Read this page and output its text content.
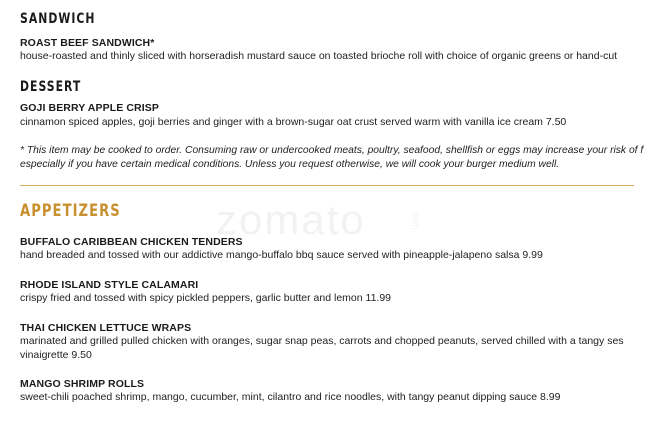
zomato	.com
SANDWICH
ROAST BEEF SANDWICH*
house-roasted and thinly sliced with horseradish mustard sauce on toasted brioche roll with choice of organic greens or hand-cut
DESSERT
GOJI BERRY APPLE CRISP
cinnamon spiced apples, goji berries and ginger with a brown-sugar oat crust served warm with vanilla ice cream 7.50
* This item may be cooked to order. Consuming raw or undercooked meats, poultry, seafood, shellfish or eggs may increase your risk of f
especially if you have certain medical conditions. Unless you request otherwise, we will cook your burger medium well.
APPETIZERS
BUFFALO CARIBBEAN CHICKEN TENDERS
hand breaded and tossed with our addictive mango-buffalo bbq sauce served with pineapple-jalapeno salsa 9.99
RHODE ISLAND STYLE CALAMARI
crispy fried and tossed with spicy pickled peppers, garlic butter and lemon 11.99
THAI CHICKEN LETTUCE WRAPS
marinated and grilled pulled chicken with oranges, sugar snap peas, carrots and chopped peanuts, served chilled with a tangy ses
vinaigrette 9.50
MANGO SHRIMP ROLLS
sweet-chili poached shrimp, mango, cucumber, mint, cilantro and rice noodles, with tangy peanut dipping sauce 8.99
